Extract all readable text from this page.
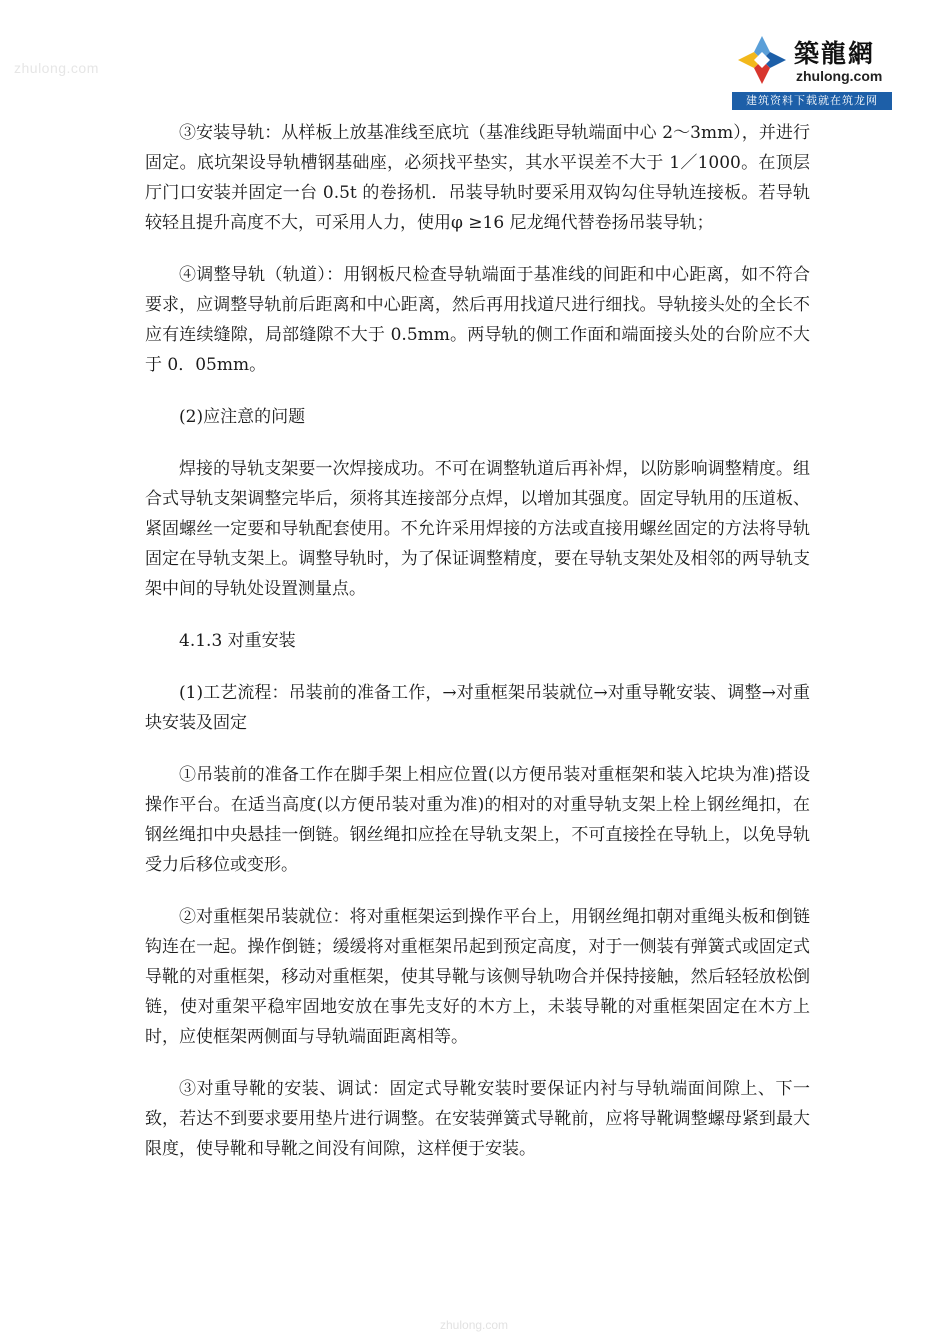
zhulong.com	築龍網
zhulong.com
建筑资料下载就在筑龙网

③安装导轨：从样板上放基准线至底坑（基准线距导轨端面中心 2～3mm），并进行固定。底坑架设导轨槽钢基础座，必须找平垫实，其水平误差不大于 1／1000。在顶层厅门口安装并固定一台 0.5t 的卷扬机．吊装导轨时要采用双钩勾住导轨连接板。若导轨较轻且提升高度不大，可采用人力，使用φ ≥16 尼龙绳代替卷扬吊装导轨；

④调整导轨（轨道）：用钢板尺检查导轨端面于基准线的间距和中心距离，如不符合要求，应调整导轨前后距离和中心距离，然后再用找道尺进行细找。导轨接头处的全长不应有连续缝隙，局部缝隙不大于 0.5mm。两导轨的侧工作面和端面接头处的台阶应不大于 0．05mm。

(2)应注意的问题

焊接的导轨支架要一次焊接成功。不可在调整轨道后再补焊，以防影响调整精度。组合式导轨支架调整完毕后，须将其连接部分点焊，以增加其强度。固定导轨用的压道板、紧固螺丝一定要和导轨配套使用。不允许采用焊接的方法或直接用螺丝固定的方法将导轨固定在导轨支架上。调整导轨时，为了保证调整精度，要在导轨支架处及相邻的两导轨支架中间的导轨处设置测量点。

4.1.3 对重安装

(1)工艺流程：吊装前的准备工作，→对重框架吊装就位→对重导靴安装、调整→对重块安装及固定

①吊装前的准备工作在脚手架上相应位置(以方便吊装对重框架和装入坨块为准)搭设操作平台。在适当高度(以方便吊装对重为准)的相对的对重导轨支架上栓上钢丝绳扣，在钢丝绳扣中央悬挂一倒链。钢丝绳扣应拴在导轨支架上，不可直接拴在导轨上，以免导轨受力后移位或变形。

②对重框架吊装就位：将对重框架运到操作平台上，用钢丝绳扣朝对重绳头板和倒链钩连在一起。操作倒链；缓缓将对重框架吊起到预定高度，对于一侧装有弹簧式或固定式导靴的对重框架，移动对重框架，使其导靴与该侧导轨吻合并保持接触，然后轻轻放松倒链，使对重架平稳牢固地安放在事先支好的木方上，未装导靴的对重框架固定在木方上时，应使框架两侧面与导轨端面距离相等。

③对重导靴的安装、调试：固定式导靴安装时要保证内衬与导轨端面间隙上、下一致，若达不到要求要用垫片进行调整。在安装弹簧式导靴前，应将导靴调整螺母紧到最大限度，使导靴和导靴之间没有间隙，这样便于安装。

zhulong.com
